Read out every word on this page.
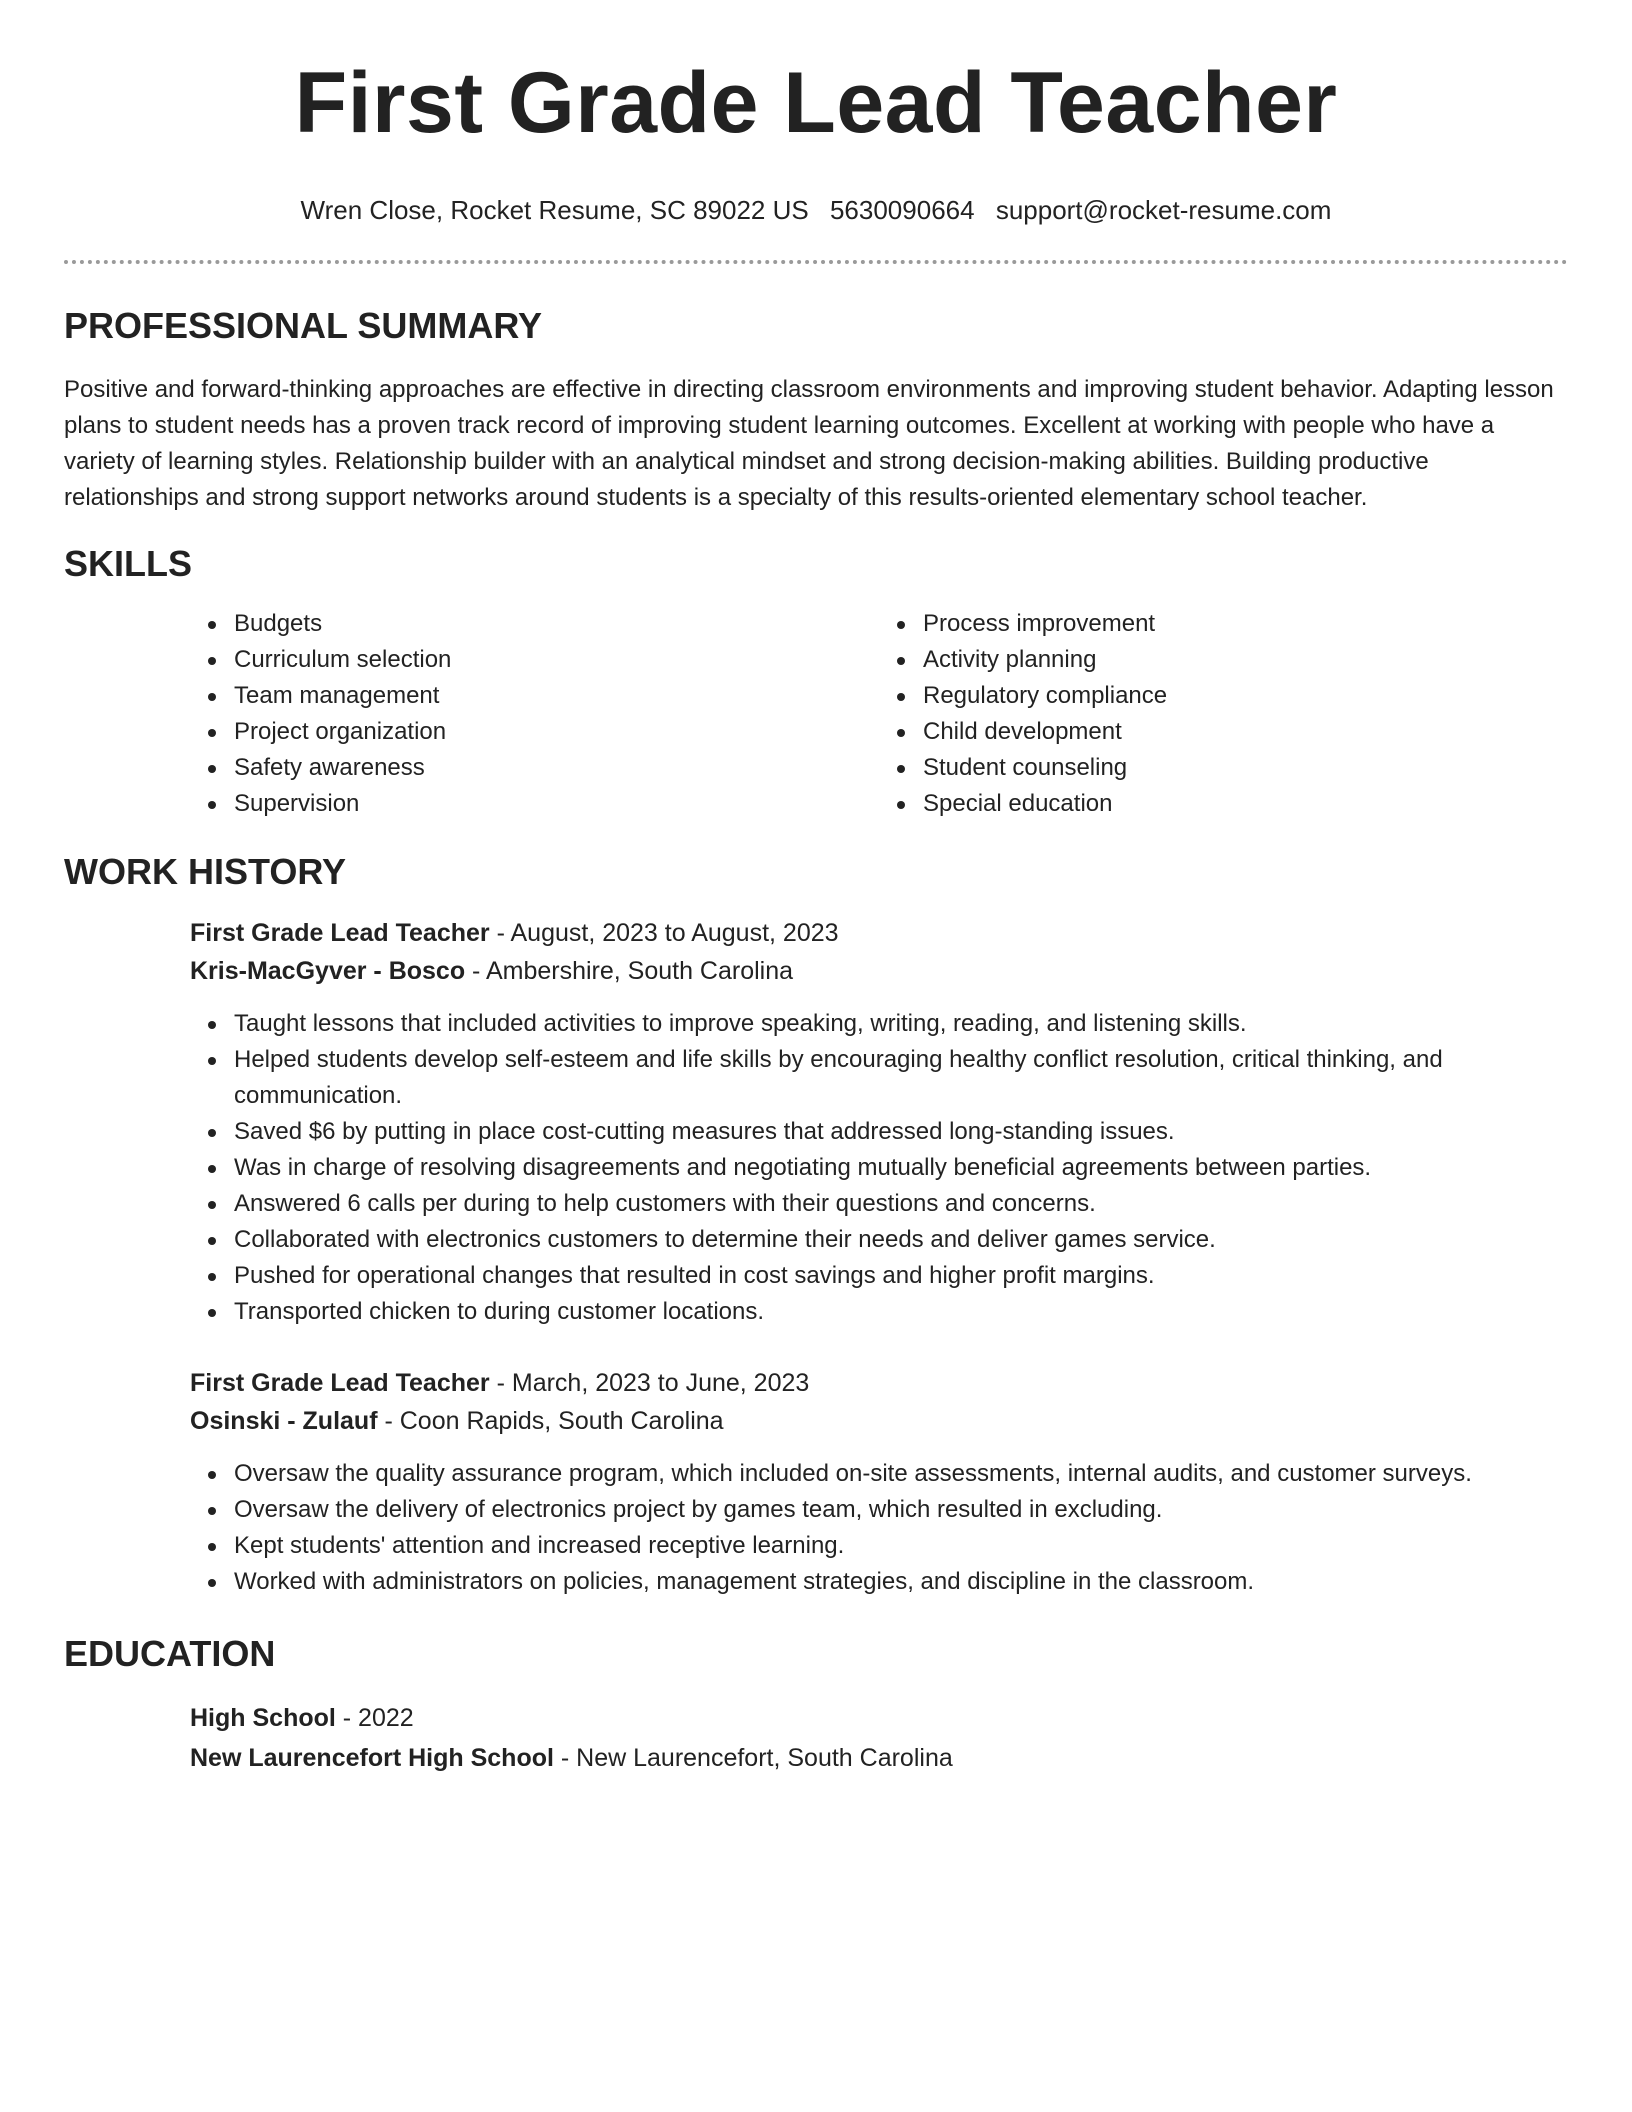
First Grade Lead Teacher
Wren Close, Rocket Resume, SC 89022 US 5630090664 support@rocket-resume.com
PROFESSIONAL SUMMARY

Positive and forward-thinking approaches are effective in directing classroom environments and improving student behavior. Adapting lesson plans to student needs has a proven track record of improving student learning outcomes. Excellent at working with people who have a variety of learning styles. Relationship builder with an analytical mindset and strong decision-making abilities. Building productive relationships and strong support networks around students is a specialty of this results-oriented elementary school teacher.

SKILLS
Budgets
Curriculum selection
Team management
Project organization
Safety awareness
Supervision
Process improvement
Activity planning
Regulatory compliance
Child development
Student counseling
Special education
WORK HISTORY
First Grade Lead Teacher - August, 2023 to August, 2023
Kris-MacGyver - Bosco - Ambershire, South Carolina
Taught lessons that included activities to improve speaking, writing, reading, and listening skills.
Helped students develop self-esteem and life skills by encouraging healthy conflict resolution, critical thinking, and communication.
Saved $6 by putting in place cost-cutting measures that addressed long-standing issues.
Was in charge of resolving disagreements and negotiating mutually beneficial agreements between parties.
Answered 6 calls per during to help customers with their questions and concerns.
Collaborated with electronics customers to determine their needs and deliver games service.
Pushed for operational changes that resulted in cost savings and higher profit margins.
Transported chicken to during customer locations.
First Grade Lead Teacher - March, 2023 to June, 2023
Osinski - Zulauf - Coon Rapids, South Carolina
Oversaw the quality assurance program, which included on-site assessments, internal audits, and customer surveys.
Oversaw the delivery of electronics project by games team, which resulted in excluding.
Kept students' attention and increased receptive learning.
Worked with administrators on policies, management strategies, and discipline in the classroom.
EDUCATION
High School - 2022
New Laurencefort High School - New Laurencefort, South Carolina
